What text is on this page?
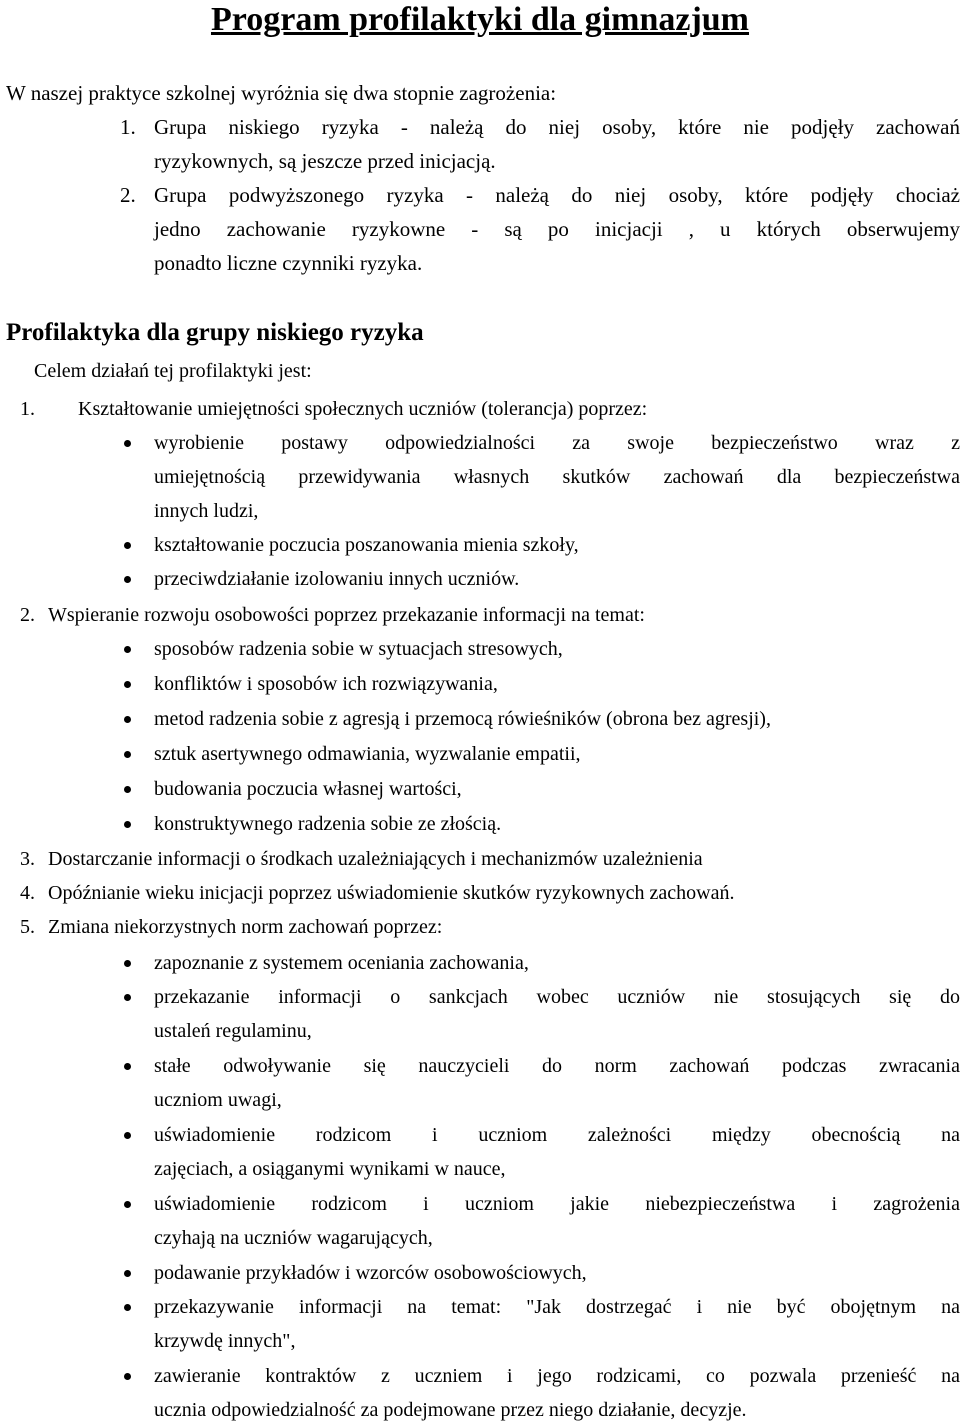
Program profilaktyki dla gimnazjum
W naszej praktyce szkolnej wyróżnia się dwa stopnie zagrożenia:
1. Grupa niskiego ryzyka - należą do niej osoby, które nie podjęły zachowań
ryzykownych, są jeszcze przed inicjacją.
2. Grupa podwyższonego ryzyka - należą do niej osoby, które podjęły chociaż
jedno zachowanie ryzykowne - są po inicjacji , u których obserwujemy
ponadto liczne czynniki ryzyka.
Profilaktyka dla grupy niskiego ryzyka
Celem działań tej profilaktyki jest:
1. Kształtowanie umiejętności społecznych uczniów (tolerancja) poprzez:
wyrobienie postawy odpowiedzialności za swoje bezpieczeństwo wraz z
umiejętnością przewidywania własnych skutków zachowań dla bezpieczeństwa
innych ludzi,
kształtowanie poczucia poszanowania mienia szkoły,
przeciwdziałanie izolowaniu innych uczniów.
2. Wspieranie rozwoju osobowości poprzez przekazanie informacji na temat:
sposobów radzenia sobie w sytuacjach stresowych,
konfliktów i sposobów ich rozwiązywania,
metod radzenia sobie z agresją i przemocą rówieśników (obrona bez agresji),
sztuk asertywnego odmawiania, wyzwalanie empatii,
budowania poczucia własnej wartości,
konstruktywnego radzenia sobie ze złością.
3. Dostarczanie informacji o środkach uzależniających i mechanizmów uzależnienia
4. Opóźnianie wieku inicjacji poprzez uświadomienie skutków ryzykownych zachowań.
5. Zmiana niekorzystnych norm zachowań poprzez:
zapoznanie z systemem oceniania zachowania,
przekazanie informacji o sankcjach wobec uczniów nie stosujących się do
ustaleń regulaminu,
stałe odwoływanie się nauczycieli do norm zachowań podczas zwracania
uczniom uwagi,
uświadomienie rodzicom i uczniom zależności między obecnością na
zajęciach, a osiąganymi wynikami w nauce,
uświadomienie rodzicom i uczniom jakie niebezpieczeństwa i zagrożenia
czyhają na uczniów wagarujących,
podawanie przykładów i wzorców osobowościowych,
przekazywanie informacji na temat: "Jak dostrzegać i nie być obojętnym na
krzywdę innych",
zawieranie kontraktów z uczniem i jego rodzicami, co pozwala przenieść na
ucznia odpowiedzialność za podejmowane przez niego działanie, decyzje.
